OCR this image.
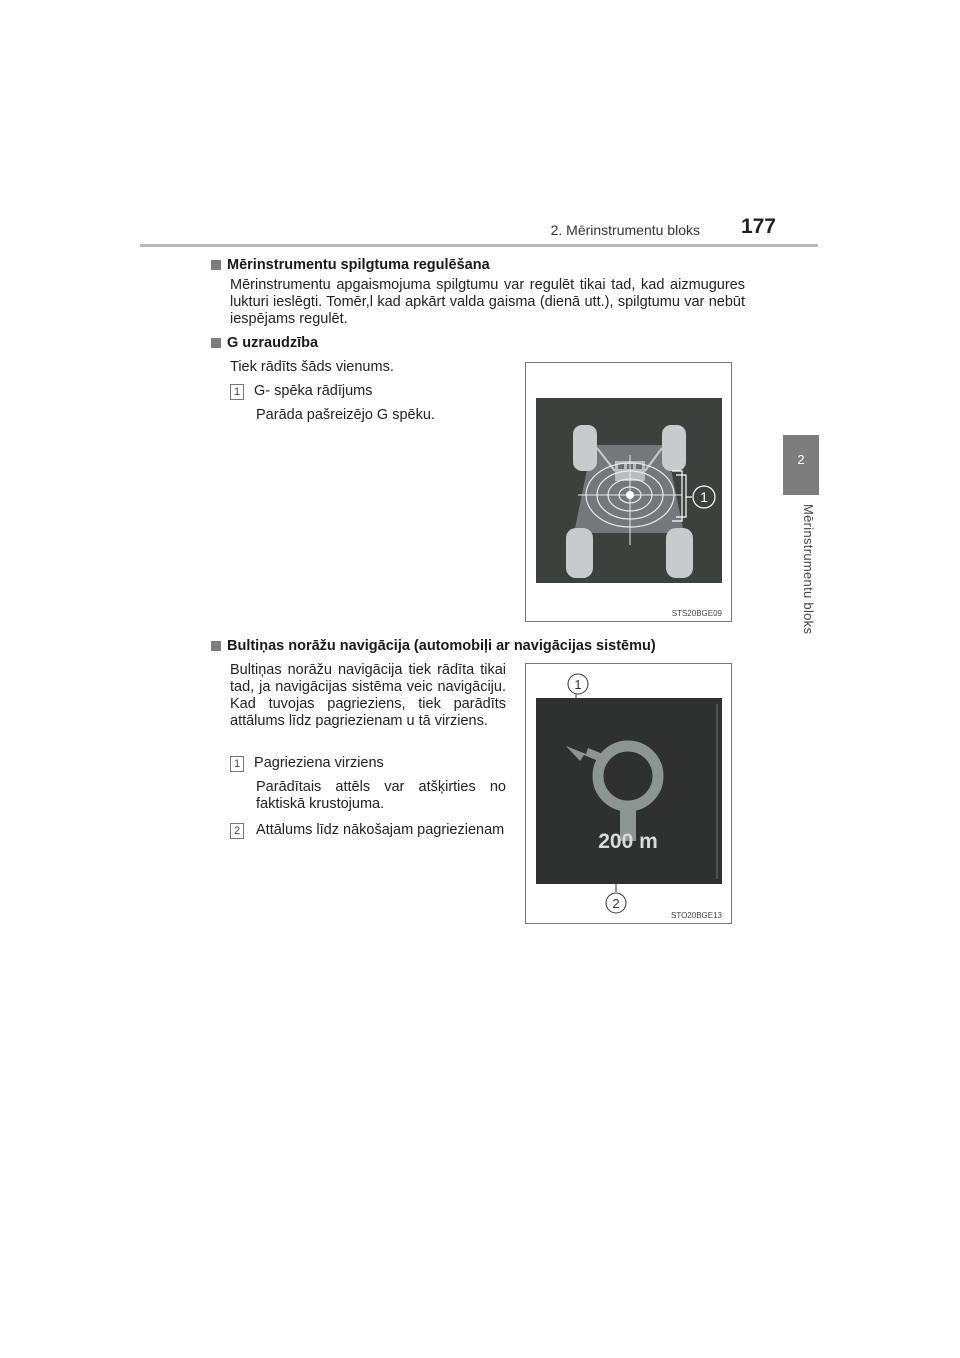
2. Mērinstrumentu bloks	177
2
Mērinstrumentu bloks
Mērinstrumentu spilgtuma regulēšana
Mērinstrumentu apgaismojuma spilgtumu var regulēt tikai tad, kad aizmugures lukturi ieslēgti. Tomēr,l kad apkārt valda gaisma (dienā utt.), spilgtumu var nebūt iespējams regulēt.
G uzraudzība
Tiek rādīts šāds vienums.
1 G- spēka rādījums
Parāda pašreizējo G spēku.
1
STS20BGE09
Bultiņas norāžu navigācija (automobiļi ar navigācijas sistēmu)
Bultiņas norāžu navigācija tiek rādīta tikai tad, ja navigācijas sistēma veic navigāciju. Kad tuvojas pagrieziens, tiek parādīts attālums līdz pagriezienam u tā virziens.
1 Pagrieziena virziens
Parādītais attēls var atšķirties no faktiskā krustojuma.
2	Attālums līdz nākošajam pagriezienam	200 m
1
2
STO20BGE13
